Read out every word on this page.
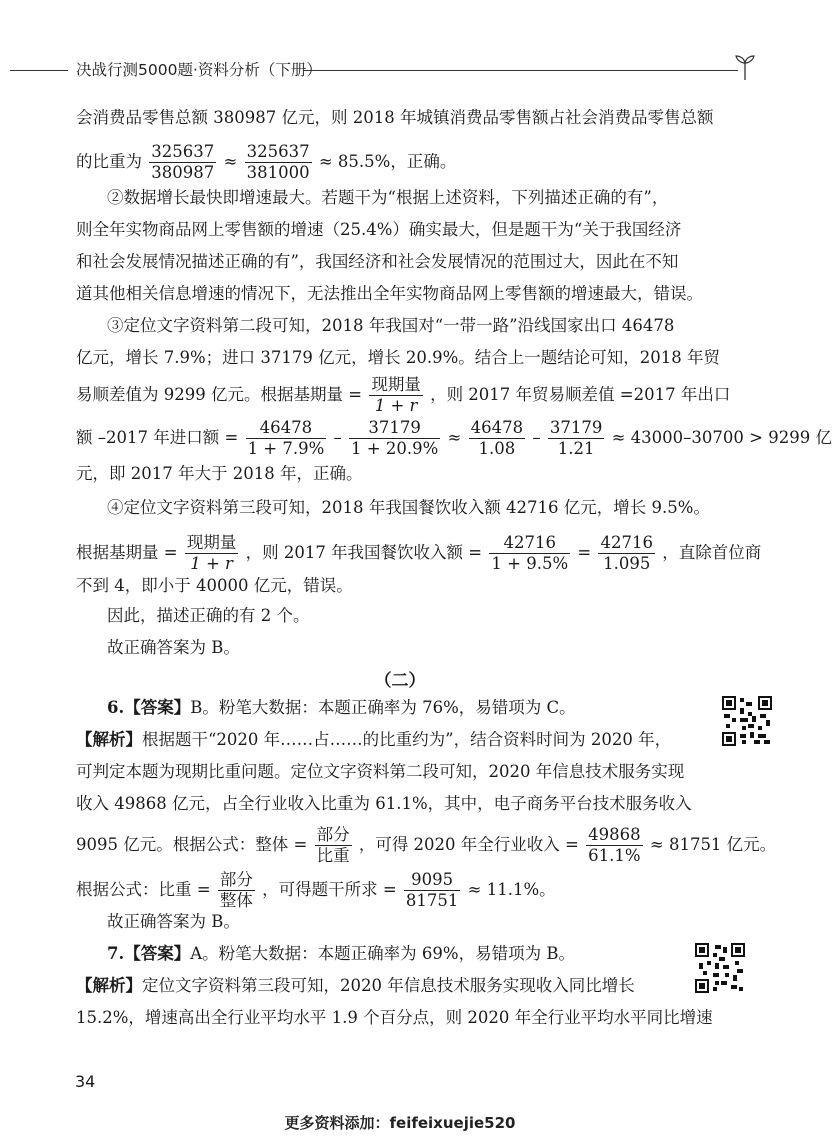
决战行测5000题·资料分析（下册）
会消费品零售总额 380987 亿元，则 2018 年城镇消费品零售额占社会消费品零售总额
的比重为 $\frac{325637}{380987} \approx \frac{325637}{381000} \approx 85.5\%$，正确。
②数据增长最快即增速最大。若题干为“根据上述资料，下列描述正确的有”，
则全年实物商品网上零售额的增速（25.4%）确实最大，但是题干为“关于我国经济
和社会发展情况描述正确的有”，我国经济和社会发展情况的范围过大，因此在不知
道其他相关信息增速的情况下，无法推出全年实物商品网上零售额的增速最大，错误。
③定位文字资料第二段可知，2018 年我国对“一带一路”沿线国家出口 46478
亿元，增长 7.9%；进口 37179 亿元，增长 20.9%。结合上一题结论可知，2018 年贸
易顺差值为 9299 亿元。根据基期量 = $\frac{\text{现期量}}{1 + r}$ ，则 2017 年贸易顺差值 =2017 年出口
额 –2017 年进口额 = $\frac{46478}{1 + 7.9\%} - \frac{37179}{1 + 20.9\%} \approx \frac{46478}{1.08} - \frac{37179}{1.21} \approx 43000-30700 > 9299$ 亿
元，即 2017 年大于 2018 年，正确。
④定位文字资料第三段可知，2018 年我国餐饮收入额 42716 亿元，增长 9.5%。
根据基期量 = $\frac{\text{现期量}}{1 + r}$ ，则 2017 年我国餐饮收入额 = $\frac{42716}{1 + 9.5\%} = \frac{42716}{1.095}$ ，直除首位商
不到 4，即小于 40000 亿元，错误。
因此，描述正确的有 2 个。
故正确答案为 B。
（二）
6.【答案】B。粉笔大数据：本题正确率为 76%，易错项为 C。
【解析】根据题干“2020 年……占……的比重约为”，结合资料时间为 2020 年，
可判定本题为现期比重问题。定位文字资料第二段可知，2020 年信息技术服务实现
收入 49868 亿元，占全行业收入比重为 61.1%，其中，电子商务平台技术服务收入
9095 亿元。根据公式：整体 = $\frac{\text{部分}}{\text{比重}}$ ，可得 2020 年全行业收入 = $\frac{49868}{61.1\%} \approx 81751$ 亿元。
根据公式：比重 = $\frac{\text{部分}}{\text{整体}}$ ，可得题干所求 = $\frac{9095}{81751} \approx 11.1\%$。
故正确答案为 B。
7.【答案】A。粉笔大数据：本题正确率为 69%，易错项为 B。
【解析】定位文字资料第三段可知，2020 年信息技术服务实现收入同比增长
15.2%，增速高出全行业平均水平 1.9 个百分点，则 2020 年全行业平均水平同比增速
34
更多资料添加：feifeixuejie520
